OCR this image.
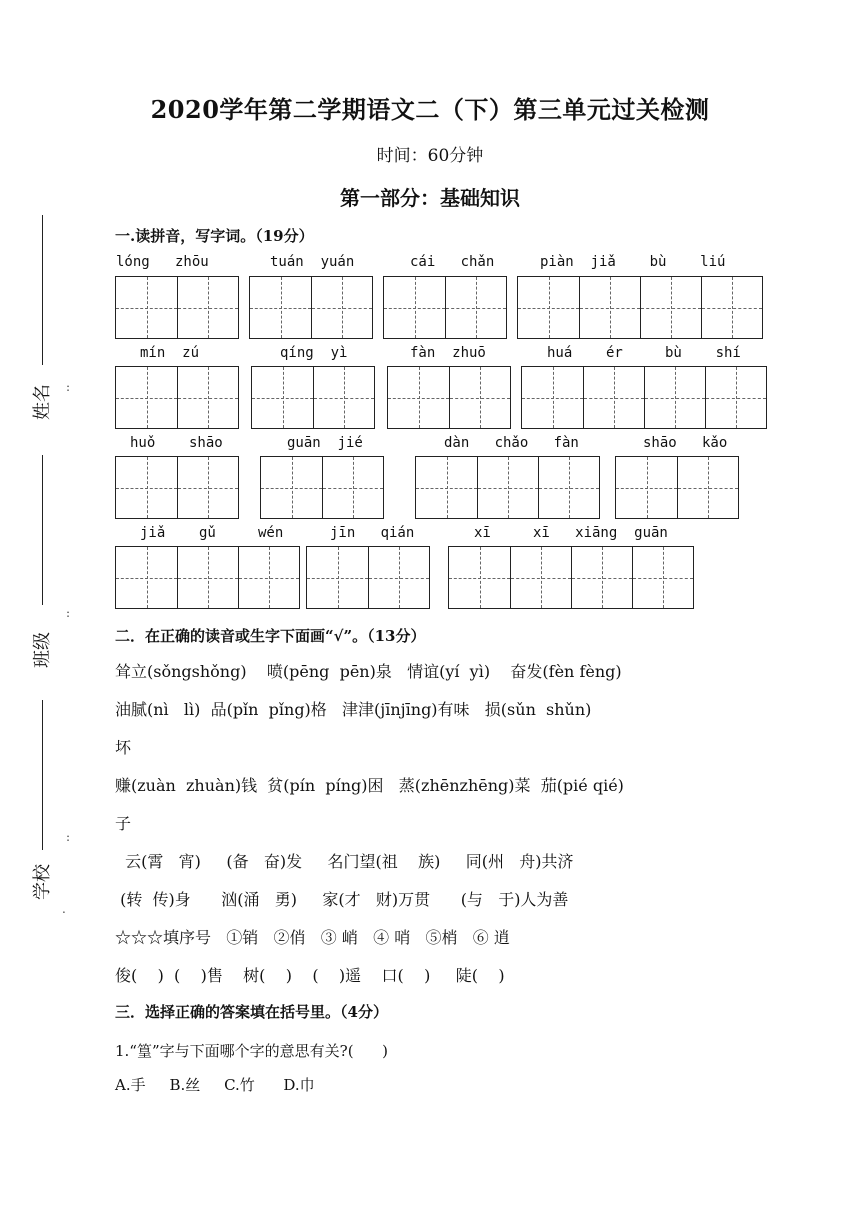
姓名
班级
学校
2020学年第二学期语文二（下）第三单元过关检测
时间：60分钟
第一部分：基础知识
一.读拼音，写字词。（19分）
lóng   zhōu	tuán  yuán	cái   chǎn	piàn  jiǎ    bù    liú
mín  zú	qíng  yì	fàn  zhuō	huá    ér     bù    shí
:
huǒ    shāo	guān  jié	dàn   chǎo   fàn	shāo   kǎo
jiǎ    gǔ     wén	jīn   qián	xī     xī   xiāng  guān
:
二．在正确的读音或生字下面画“√”。（13分）
耸立(sǒngshǒng)    喷(pēng  pēn)泉   情谊(yí  yì)    奋发(fèn fèng)
油腻(nì   lì)  品(pǐn  pǐng)格   津津(jīnjīng)有味   损(sǔn  shǔn)
坏
赚(zuàn  zhuàn)钱  贫(pín  píng)困   蒸(zhēnzhēng)菜  茄(pié qié)
子
:
云(霄   宵)     (备   奋)发     名门望(祖    族)     同(州   舟)共济
(转  传)身      汹(涌   勇)     家(才   财)万贯      (与   于)人为善
.
☆☆☆填序号   ①销   ②俏   ③ 峭   ④ 哨   ⑤梢   ⑥ 逍
俊(    )  (    )售    树(    )    (    )遥    口(    )     陡(    )
三．选择正确的答案填在括号里。（4分）
1.“篁”字与下面哪个字的意思有关?(      )
A.手     B.丝     C.竹      D.巾
